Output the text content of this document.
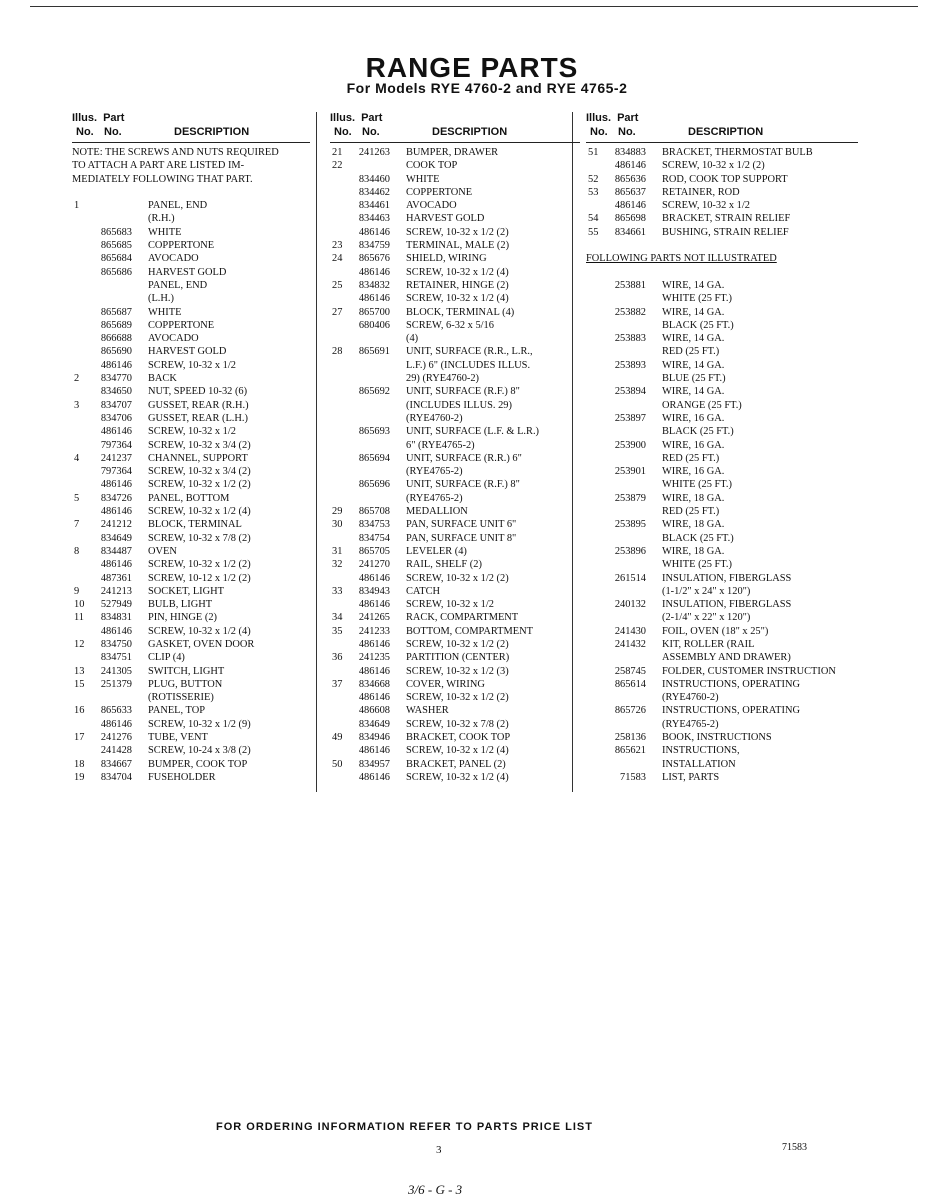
RANGE PARTS
For Models RYE 4760-2 and RYE 4765-2
Illus. Part
No. No.	DESCRIPTION
NOTE: THE SCREWS AND NUTS REQUIRED
TO ATTACH A PART ARE LISTED IM-
MEDIATELY FOLLOWING THAT PART.
1	PANEL, END
(R.H.)
865683 WHITE
865685 COPPERTONE
865684 AVOCADO
865686 HARVEST GOLD
PANEL, END
(L.H.)
865687 WHITE
865689 COPPERTONE
866688 AVOCADO
865690 HARVEST GOLD
486146 SCREW, 10-32 x 1/2
2	834770 BACK
834650 NUT, SPEED 10-32 (6)
3	834707 GUSSET, REAR (R.H.)
834706 GUSSET, REAR (L.H.)
486146 SCREW, 10-32 x 1/2
797364 SCREW, 10-32 x 3/4 (2)
4	241237 CHANNEL, SUPPORT
797364 SCREW, 10-32 x 3/4 (2)
486146 SCREW, 10-32 x 1/2 (2)
5	834726 PANEL, BOTTOM
486146 SCREW, 10-32 x 1/2 (4)
7	241212 BLOCK, TERMINAL
834649 SCREW, 10-32 x 7/8 (2)
8	834487 OVEN
486146 SCREW, 10-32 x 1/2 (2)
487361 SCREW, 10-12 x 1/2 (2)
9	241213 SOCKET, LIGHT
10	527949 BULB, LIGHT
11	834831 PIN, HINGE (2)
486146 SCREW, 10-32 x 1/2 (4)
12	834750 GASKET, OVEN DOOR
834751 CLIP (4)
13	241305 SWITCH, LIGHT
15	251379 PLUG, BUTTON
(ROTISSERIE)
16	865633 PANEL, TOP
486146 SCREW, 10-32 x 1/2 (9)
17	241276 TUBE, VENT
241428 SCREW, 10-24 x 3/8 (2)
18	834667 BUMPER, COOK TOP
19	834704 FUSEHOLDER
Illus. Part
No. No.	DESCRIPTION
21	241263 BUMPER, DRAWER
22	COOK TOP
834460 WHITE
834462 COPPERTONE
834461 AVOCADO
834463 HARVEST GOLD
486146 SCREW, 10-32 x 1/2 (2)
23	834759 TERMINAL, MALE (2)
24	865676 SHIELD, WIRING
486146 SCREW, 10-32 x 1/2 (4)
25	834832 RETAINER, HINGE (2)
486146 SCREW, 10-32 x 1/2 (4)
27	865700 BLOCK, TERMINAL (4)
680406 SCREW, 6-32 x 5/16
(4)
28	865691 UNIT, SURFACE (R.R., L.R.,
L.F.) 6" (INCLUDES ILLUS.
29) (RYE4760-2)
865692 UNIT, SURFACE (R.F.) 8"
(INCLUDES ILLUS. 29)
(RYE4760-2)
865693 UNIT, SURFACE (L.F. & L.R.)
6" (RYE4765-2)
865694 UNIT, SURFACE (R.R.) 6"
(RYE4765-2)
865696 UNIT, SURFACE (R.F.) 8"
(RYE4765-2)
29	865708 MEDALLION
30	834753 PAN, SURFACE UNIT 6"
834754 PAN, SURFACE UNIT 8"
31	865705 LEVELER (4)
32	241270 RAIL, SHELF (2)
486146 SCREW, 10-32 x 1/2 (2)
33	834943 CATCH
486146 SCREW, 10-32 x 1/2
34	241265 RACK, COMPARTMENT
35	241233 BOTTOM, COMPARTMENT
486146 SCREW, 10-32 x 1/2 (2)
36	241235 PARTITION (CENTER)
486146 SCREW, 10-32 x 1/2 (3)
37	834668 COVER, WIRING
486146 SCREW, 10-32 x 1/2 (2)
486608 WASHER
834649 SCREW, 10-32 x 7/8 (2)
49	834946 BRACKET, COOK TOP
486146 SCREW, 10-32 x 1/2 (4)
50	834957 BRACKET, PANEL (2)
486146 SCREW, 10-32 x 1/2 (4)
Illus. Part
No. No.	DESCRIPTION
51	834883 BRACKET, THERMOSTAT BULB
486146 SCREW, 10-32 x 1/2 (2)
52	865636 ROD, COOK TOP SUPPORT
53	865637 RETAINER, ROD
486146 SCREW, 10-32 x 1/2
54	865698 BRACKET, STRAIN RELIEF
55	834661 BUSHING, STRAIN RELIEF
FOLLOWING PARTS NOT ILLUSTRATED
253881 WIRE, 14 GA.
WHITE (25 FT.)
253882 WIRE, 14 GA.
BLACK (25 FT.)
253883 WIRE, 14 GA.
RED (25 FT.)
253893 WIRE, 14 GA.
BLUE (25 FT.)
253894 WIRE, 14 GA.
ORANGE (25 FT.)
253897 WIRE, 16 GA.
BLACK (25 FT.)
253900 WIRE, 16 GA.
RED (25 FT.)
253901 WIRE, 16 GA.
WHITE (25 FT.)
253879 WIRE, 18 GA.
RED (25 FT.)
253895 WIRE, 18 GA.
BLACK (25 FT.)
253896 WIRE, 18 GA.
WHITE (25 FT.)
261514 INSULATION, FIBERGLASS
(1-1/2" x 24" x 120")
240132 INSULATION, FIBERGLASS
(2-1/4" x 22" x 120")
241430 FOIL, OVEN (18" x 25")
241432 KIT, ROLLER (RAIL
ASSEMBLY AND DRAWER)
258745 FOLDER, CUSTOMER INSTRUCTION
865614 INSTRUCTIONS, OPERATING
(RYE4760-2)
865726 INSTRUCTIONS, OPERATING
(RYE4765-2)
258136 BOOK, INSTRUCTIONS
865621 INSTRUCTIONS,
INSTALLATION
71583 LIST, PARTS
FOR ORDERING INFORMATION REFER TO PARTS PRICE LIST
3	71583
3/6 - G - 3
